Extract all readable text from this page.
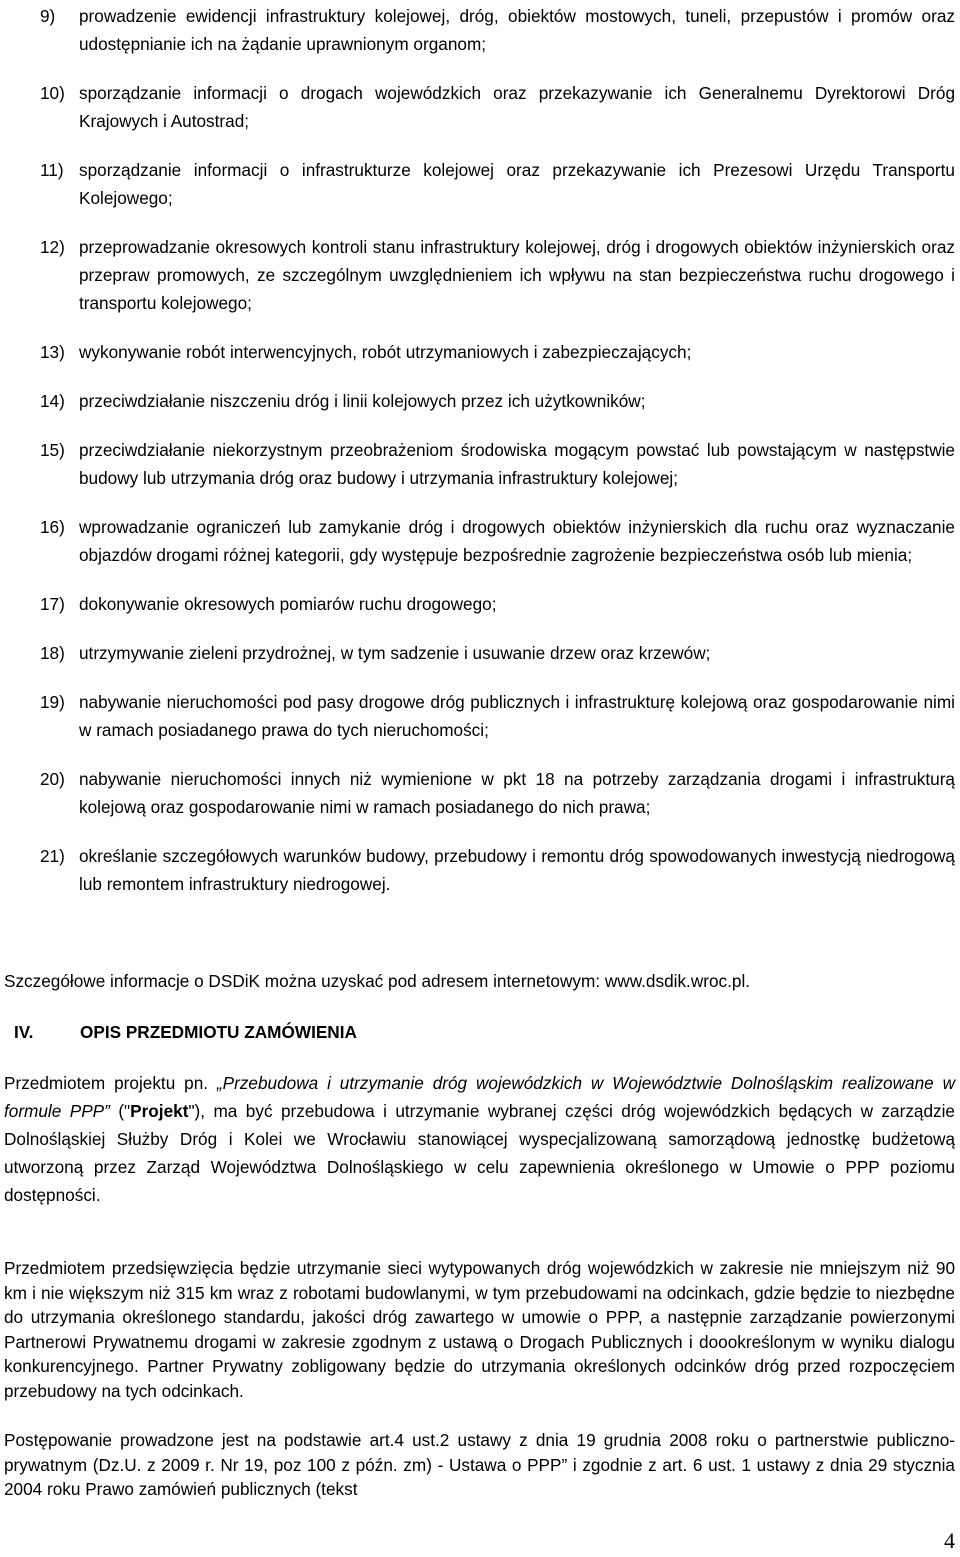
9)	prowadzenie ewidencji infrastruktury kolejowej, dróg, obiektów mostowych, tuneli, przepustów i promów oraz udostępnianie ich na żądanie uprawnionym organom;
10) sporządzanie informacji o drogach wojewódzkich oraz przekazywanie ich Generalnemu Dyrektorowi Dróg Krajowych i Autostrad;
11) sporządzanie informacji o infrastrukturze kolejowej oraz przekazywanie ich Prezesowi Urzędu Transportu Kolejowego;
12) przeprowadzanie okresowych kontroli stanu infrastruktury kolejowej, dróg i drogowych obiektów inżynierskich oraz przepraw promowych, ze szczególnym uwzględnieniem ich wpływu na stan bezpieczeństwa ruchu drogowego i transportu kolejowego;
13) wykonywanie robót interwencyjnych, robót utrzymaniowych i zabezpieczających;
14) przeciwdziałanie niszczeniu dróg i linii kolejowych przez ich użytkowników;
15) przeciwdziałanie niekorzystnym przeobrażeniom środowiska mogącym powstać lub powstającym w następstwie budowy lub utrzymania dróg oraz budowy i utrzymania infrastruktury kolejowej;
16) wprowadzanie ograniczeń lub zamykanie dróg i drogowych obiektów inżynierskich dla ruchu oraz wyznaczanie objazdów drogami różnej kategorii, gdy występuje bezpośrednie zagrożenie bezpieczeństwa osób lub mienia;
17) dokonywanie okresowych pomiarów ruchu drogowego;
18) utrzymywanie zieleni przydrożnej, w tym sadzenie i usuwanie drzew oraz krzewów;
19) nabywanie nieruchomości pod pasy drogowe dróg publicznych i infrastrukturę kolejową oraz gospodarowanie nimi w ramach posiadanego prawa do tych nieruchomości;
20) nabywanie nieruchomości innych niż wymienione w pkt 18 na potrzeby zarządzania drogami i infrastrukturą kolejową oraz gospodarowanie nimi w ramach posiadanego do nich prawa;
21) określanie szczegółowych warunków budowy, przebudowy i remontu dróg spowodowanych inwestycją niedrogową lub remontem infrastruktury niedrogowej.
Szczegółowe informacje o DSDiK można uzyskać pod adresem internetowym: www.dsdik.wroc.pl.
IV.	OPIS PRZEDMIOTU ZAMÓWIENIA
Przedmiotem projektu pn. „Przebudowa i utrzymanie dróg wojewódzkich w Województwie Dolnośląskim realizowane w formule PPP” ("Projekt"), ma być przebudowa i utrzymanie wybranej części dróg wojewódzkich będących w zarządzie Dolnośląskiej Służby Dróg i Kolei we Wrocławiu stanowiącej wyspecjalizowaną samorządową jednostkę budżetową utworzoną przez Zarząd Województwa Dolnośląskiego w celu zapewnienia określonego w Umowie o PPP poziomu dostępności.
Przedmiotem przedsięwzięcia będzie utrzymanie sieci wytypowanych dróg wojewódzkich w zakresie nie mniejszym niż 90 km i nie większym niż 315 km wraz z robotami budowlanymi, w tym przebudowami na odcinkach, gdzie będzie to niezbędne do utrzymania określonego standardu, jakości dróg zawartego w umowie o PPP, a następnie zarządzanie powierzonymi Partnerowi Prywatnemu drogami w zakresie zgodnym z ustawą o Drogach Publicznych i doookreślonym w wyniku dialogu konkurencyjnego. Partner Prywatny zobligowany będzie do utrzymania określonych odcinków dróg przed rozpoczęciem przebudowy na tych odcinkach.
Postępowanie prowadzone jest na podstawie art.4 ust.2 ustawy z dnia 19 grudnia 2008 roku o partnerstwie publiczno-prywatnym (Dz.U. z 2009 r. Nr 19, poz 100 z późn. zm) - Ustawa o PPP” i zgodnie z art. 6 ust. 1 ustawy z dnia 29 stycznia 2004 roku Prawo zamówień publicznych (tekst
4
